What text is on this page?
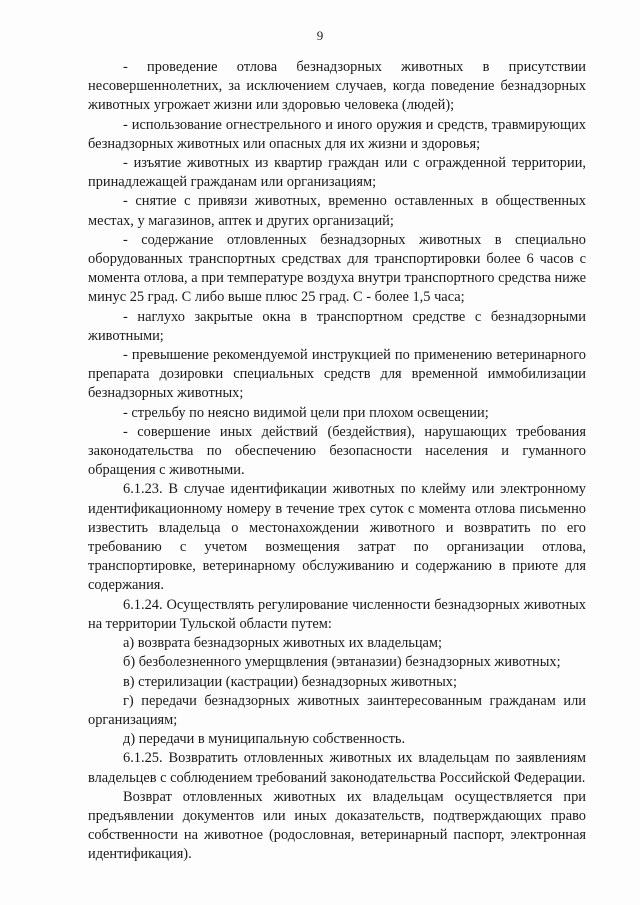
9

- проведение отлова безнадзорных животных в присутствии несовершеннолетних, за исключением случаев, когда поведение безнадзорных животных угрожает жизни или здоровью человека (людей);

- использование огнестрельного и иного оружия и средств, травмирующих безнадзорных животных или опасных для их жизни и здоровья;

- изъятие животных из квартир граждан или с огражденной территории, принадлежащей гражданам или организациям;

- снятие с привязи животных, временно оставленных в общественных местах, у магазинов, аптек и других организаций;

- содержание отловленных безнадзорных животных в специально оборудованных транспортных средствах для транспортировки более 6 часов с момента отлова, а при температуре воздуха внутри транспортного средства ниже минус 25 град. С либо выше плюс 25 град. С - более 1,5 часа;

- наглухо закрытые окна в транспортном средстве с безнадзорными животными;

- превышение рекомендуемой инструкцией по применению ветеринарного препарата дозировки специальных средств для временной иммобилизации безнадзорных животных;

- стрельбу по неясно видимой цели при плохом освещении;

- совершение иных действий (бездействия), нарушающих требования законодательства по обеспечению безопасности населения и гуманного обращения с животными.

6.1.23. В случае идентификации животных по клейму или электронному идентификационному номеру в течение трех суток с момента отлова письменно известить владельца о местонахождении животного и возвратить по его требованию с учетом возмещения затрат по организации отлова, транспортировке, ветеринарному обслуживанию и содержанию в приюте для содержания.

6.1.24. Осуществлять регулирование численности безнадзорных животных на территории Тульской области путем:

а) возврата безнадзорных животных их владельцам;

б) безболезненного умерщвления (эвтаназии) безнадзорных животных;

в) стерилизации (кастрации) безнадзорных животных;

г) передачи безнадзорных животных заинтересованным гражданам или организациям;

д) передачи в муниципальную собственность.

6.1.25. Возвратить отловленных животных их владельцам по заявлениям владельцев с соблюдением требований законодательства Российской Федерации.

Возврат отловленных животных их владельцам осуществляется при предъявлении документов или иных доказательств, подтверждающих право собственности на животное (родословная, ветеринарный паспорт, электронная идентификация).
